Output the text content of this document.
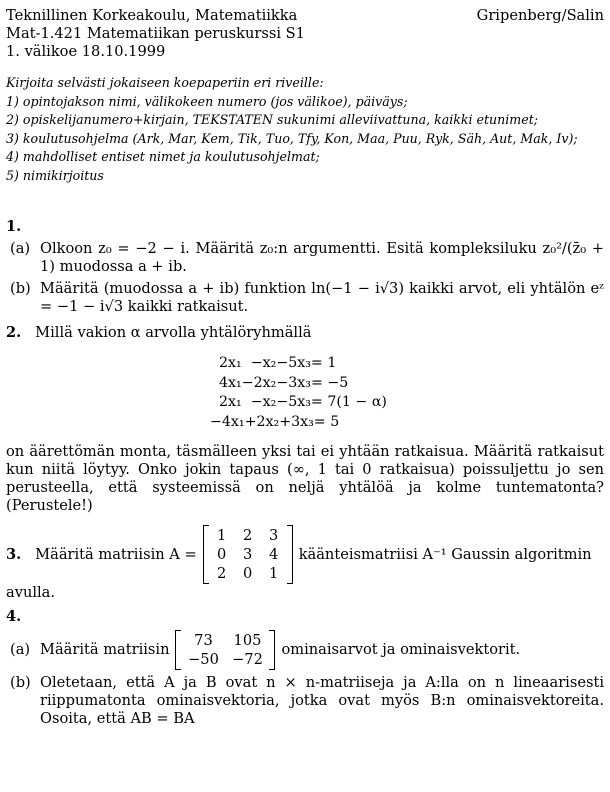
Teknillinen Korkeakoulu, Matematiikka	Gripenberg/Salin
Mat-1.421 Matematiikan peruskurssi S1
1. välikoe 18.10.1999
Kirjoita selvästi jokaiseen koepaperiin eri riveille:
1) opintojakson nimi, välikokeen numero (jos välikoe), päiväys;
2) opiskelijanumero+kirjain, TEKSTATEN sukunimi alleviivattuna, kaikki etunimet;
3) koulutusohjelma (Ark, Mar, Kem, Tik, Tuo, Tfy, Kon, Maa, Puu, Ryk, Säh, Aut, Mak, Iv);
4) mahdolliset entiset nimet ja koulutusohjelmat;
5) nimikirjoitus
1.
(a) Olkoon z₀ = −2 − i. Määritä z₀:n argumentti. Esitä kompleksiluku z₀²/(z̄₀ + 1) muodossa a + ib.
(b) Määritä (muodossa a + ib) funktion ln(−1 − i√3) kaikki arvot, eli yhtälön eᶻ = −1 − i√3 kaikki ratkaisut.
2. Millä vakion α arvolla yhtälöryhmällä
2x₁  −x₂−5x₃= 1
4x₁−2x₂−3x₃= −5
2x₁  −x₂−5x₃= 7(1 − α)
−4x₁+2x₂+3x₃= 5
on äärettömän monta, täsmälleen yksi tai ei yhtään ratkaisua. Määritä ratkaisut kun niitä löytyy. Onko jokin tapaus (∞, 1 tai 0 ratkaisua) poissuljettu jo sen perusteella, että systeemissä on neljä yhtälöä ja kolme tuntematonta? (Perustele!)
3.
Määritä matriisin A =
1	2	3
0	3	4
2	0	1
käänteismatriisi A⁻¹ Gaussin algoritmin
avulla.
4.
(a) Määritä matriisin
73	105
−50 −72
ominaisarvot ja ominaisvektorit.
(b) Oletetaan, että A ja B ovat n × n-matriiseja ja A:lla on n lineaarisesti riippumatonta ominaisvektoria, jotka ovat myös B:n ominaisvektoreita. Osoita, että AB = BA
